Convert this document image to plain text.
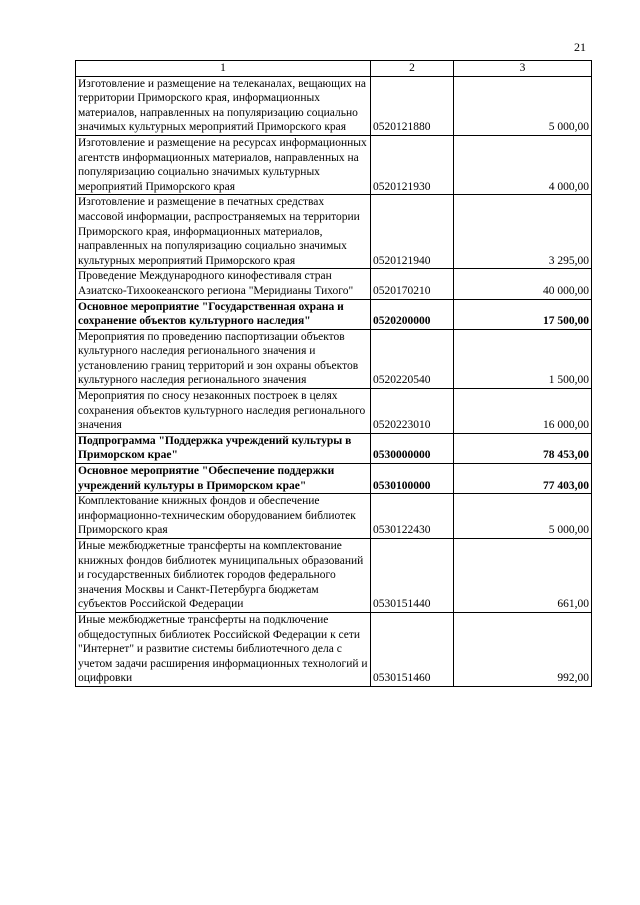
21
1	2	3
Изготовление и размещение на телеканалах, вещающих на территории Приморского края, информационных материалов, направленных на популяризацию социально значимых культурных мероприятий Приморского края	0520121880	5 000,00
Изготовление и размещение на ресурсах информационных агентств информационных материалов, направленных на популяризацию социально значимых культурных мероприятий Приморского края	0520121930	4 000,00
Изготовление и размещение в печатных средствах массовой информации, распространяемых на территории Приморского края, информационных материалов, направленных на популяризацию социально значимых культурных мероприятий Приморского края	0520121940	3 295,00
Проведение Международного кинофестиваля стран Азиатско-Тихоокеанского региона "Меридианы Тихого"	0520170210	40 000,00
Основное мероприятие "Государственная охрана и сохранение объектов культурного наследия"	0520200000	17 500,00
Мероприятия по проведению паспортизации объектов культурного наследия регионального значения и установлению границ территорий и зон охраны объектов культурного наследия регионального значения	0520220540	1 500,00
Мероприятия по сносу незаконных построек в целях сохранения объектов культурного наследия регионального значения	0520223010	16 000,00
Подпрограмма "Поддержка учреждений культуры в Приморском крае"	0530000000	78 453,00
Основное мероприятие "Обеспечение поддержки учреждений культуры в Приморском крае"	0530100000	77 403,00
Комплектование книжных фондов и обеспечение информационно-техническим оборудованием библиотек Приморского края	0530122430	5 000,00
Иные межбюджетные трансферты на комплектование книжных фондов библиотек муниципальных образований и государственных библиотек городов федерального значения Москвы и Санкт-Петербурга бюджетам субъектов Российской Федерации	0530151440	661,00
Иные межбюджетные трансферты на подключение общедоступных библиотек Российской Федерации к сети "Интернет" и развитие системы библиотечного дела с учетом задачи расширения информационных технологий и оцифровки	0530151460	992,00
